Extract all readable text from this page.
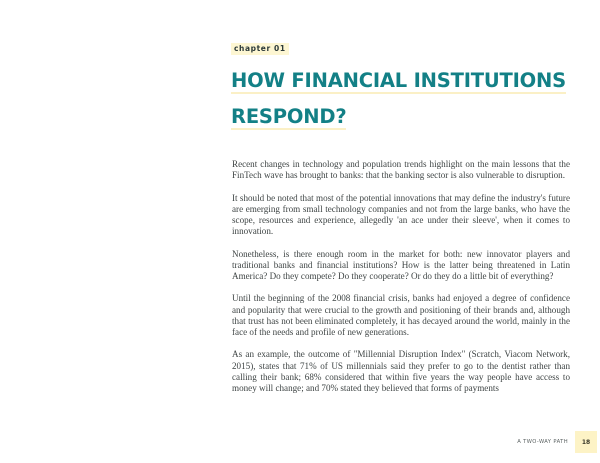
chapter 01
HOW FINANCIAL INSTITUTIONS
RESPOND?

Recent changes in technology and population trends highlight on the main lessons that the FinTech wave has brought to banks: that the banking sector is also vulnerable to disruption.

It should be noted that most of the potential innovations that may define the industry's future are emerging from small technology companies and not from the large banks, who have the scope, resources and experience, allegedly 'an ace under their sleeve', when it comes to innovation.

Nonetheless, is there enough room in the market for both: new innovator players and traditional banks and financial institutions? How is the latter being threatened in Latin America? Do they compete? Do they cooperate? Or do they do a little bit of everything?

Until the beginning of the 2008 financial crisis, banks had enjoyed a degree of confidence and popularity that were crucial to the growth and positioning of their brands and, although that trust has not been eliminated completely, it has decayed around the world, mainly in the face of the needs and profile of new generations.

As an example, the outcome of "Millennial Disruption Index" (Scratch, Viacom Network, 2015), states that 71% of US millennials said they prefer to go to the dentist rather than calling their bank; 68% considered that within five years the way people have access to money will change; and 70% stated they believed that forms of payments

A TWO-WAY PATH	18
